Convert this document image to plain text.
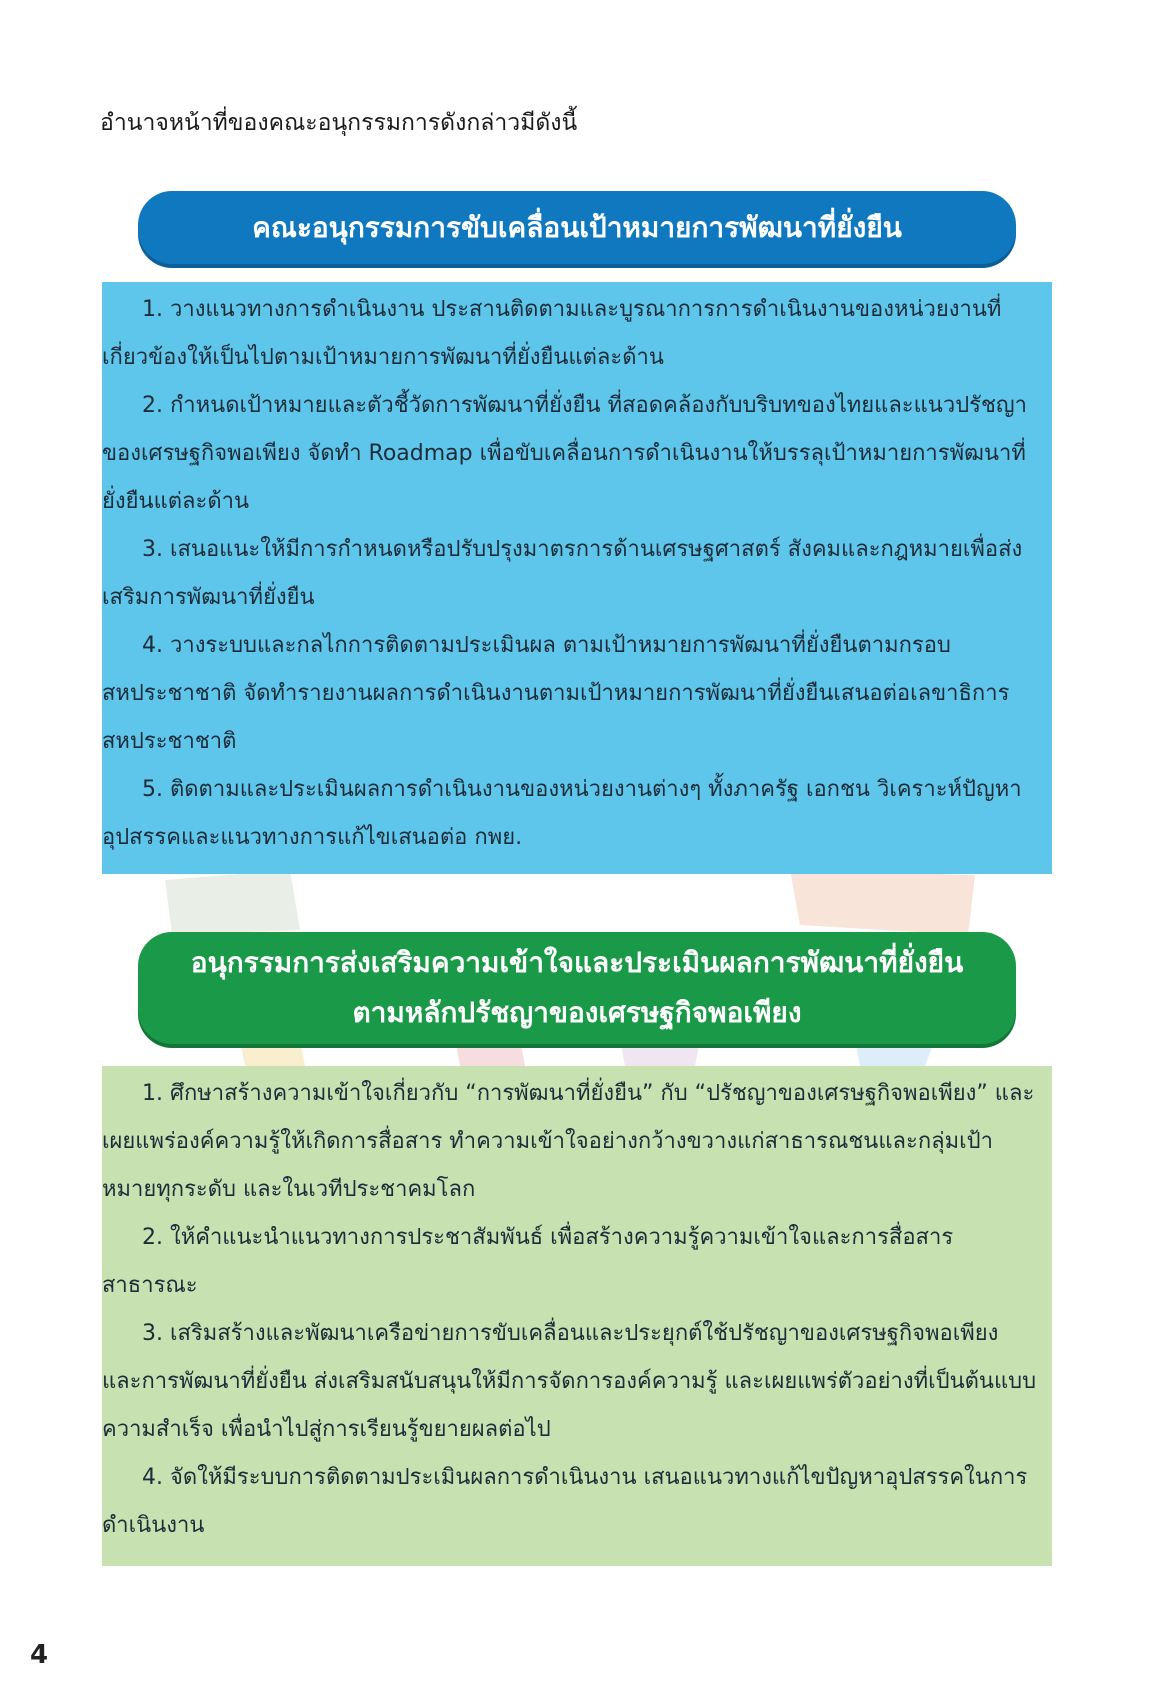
อำนาจหน้าที่ของคณะอนุกรรมการดังกล่าวมีดังนี้
คณะอนุกรรมการขับเคลื่อนเป้าหมายการพัฒนาที่ยั่งยืน

1. วางแนวทางการดำเนินงาน ประสานติดตามและบูรณาการการดำเนินงานของหน่วยงานที่เกี่ยวข้องให้เป็นไปตามเป้าหมายการพัฒนาที่ยั่งยืนแต่ละด้าน

2. กำหนดเป้าหมายและตัวชี้วัดการพัฒนาที่ยั่งยืน ที่สอดคล้องกับบริบทของไทยและแนวปรัชญาของเศรษฐกิจพอเพียง จัดทำ Roadmap เพื่อขับเคลื่อนการดำเนินงานให้บรรลุเป้าหมายการพัฒนาที่ยั่งยืนแต่ละด้าน

3. เสนอแนะให้มีการกำหนดหรือปรับปรุงมาตรการด้านเศรษฐศาสตร์ สังคมและกฎหมายเพื่อส่งเสริมการพัฒนาที่ยั่งยืน

4. วางระบบและกลไกการติดตามประเมินผล ตามเป้าหมายการพัฒนาที่ยั่งยืนตามกรอบสหประชาชาติ จัดทำรายงานผลการดำเนินงานตามเป้าหมายการพัฒนาที่ยั่งยืนเสนอต่อเลขาธิการสหประชาชาติ

5. ติดตามและประเมินผลการดำเนินงานของหน่วยงานต่างๆ ทั้งภาครัฐ เอกชน วิเคราะห์ปัญหาอุปสรรคและแนวทางการแก้ไขเสนอต่อ กพย.

อนุกรรมการส่งเสริมความเข้าใจและประเมินผลการพัฒนาที่ยั่งยืน
ตามหลักปรัชญาของเศรษฐกิจพอเพียง

1. ศึกษาสร้างความเข้าใจเกี่ยวกับ “การพัฒนาที่ยั่งยืน” กับ “ปรัชญาของเศรษฐกิจพอเพียง” และเผยแพร่องค์ความรู้ให้เกิดการสื่อสาร ทำความเข้าใจอย่างกว้างขวางแก่สาธารณชนและกลุ่มเป้าหมายทุกระดับ และในเวทีประชาคมโลก

2. ให้คำแนะนำแนวทางการประชาสัมพันธ์ เพื่อสร้างความรู้ความเข้าใจและการสื่อสารสาธารณะ

3. เสริมสร้างและพัฒนาเครือข่ายการขับเคลื่อนและประยุกต์ใช้ปรัชญาของเศรษฐกิจพอเพียง และการพัฒนาที่ยั่งยืน ส่งเสริมสนับสนุนให้มีการจัดการองค์ความรู้ และเผยแพร่ตัวอย่างที่เป็นต้นแบบความสำเร็จ เพื่อนำไปสู่การเรียนรู้ขยายผลต่อไป

4. จัดให้มีระบบการติดตามประเมินผลการดำเนินงาน เสนอแนวทางแก้ไขปัญหาอุปสรรคในการดำเนินงาน

4
